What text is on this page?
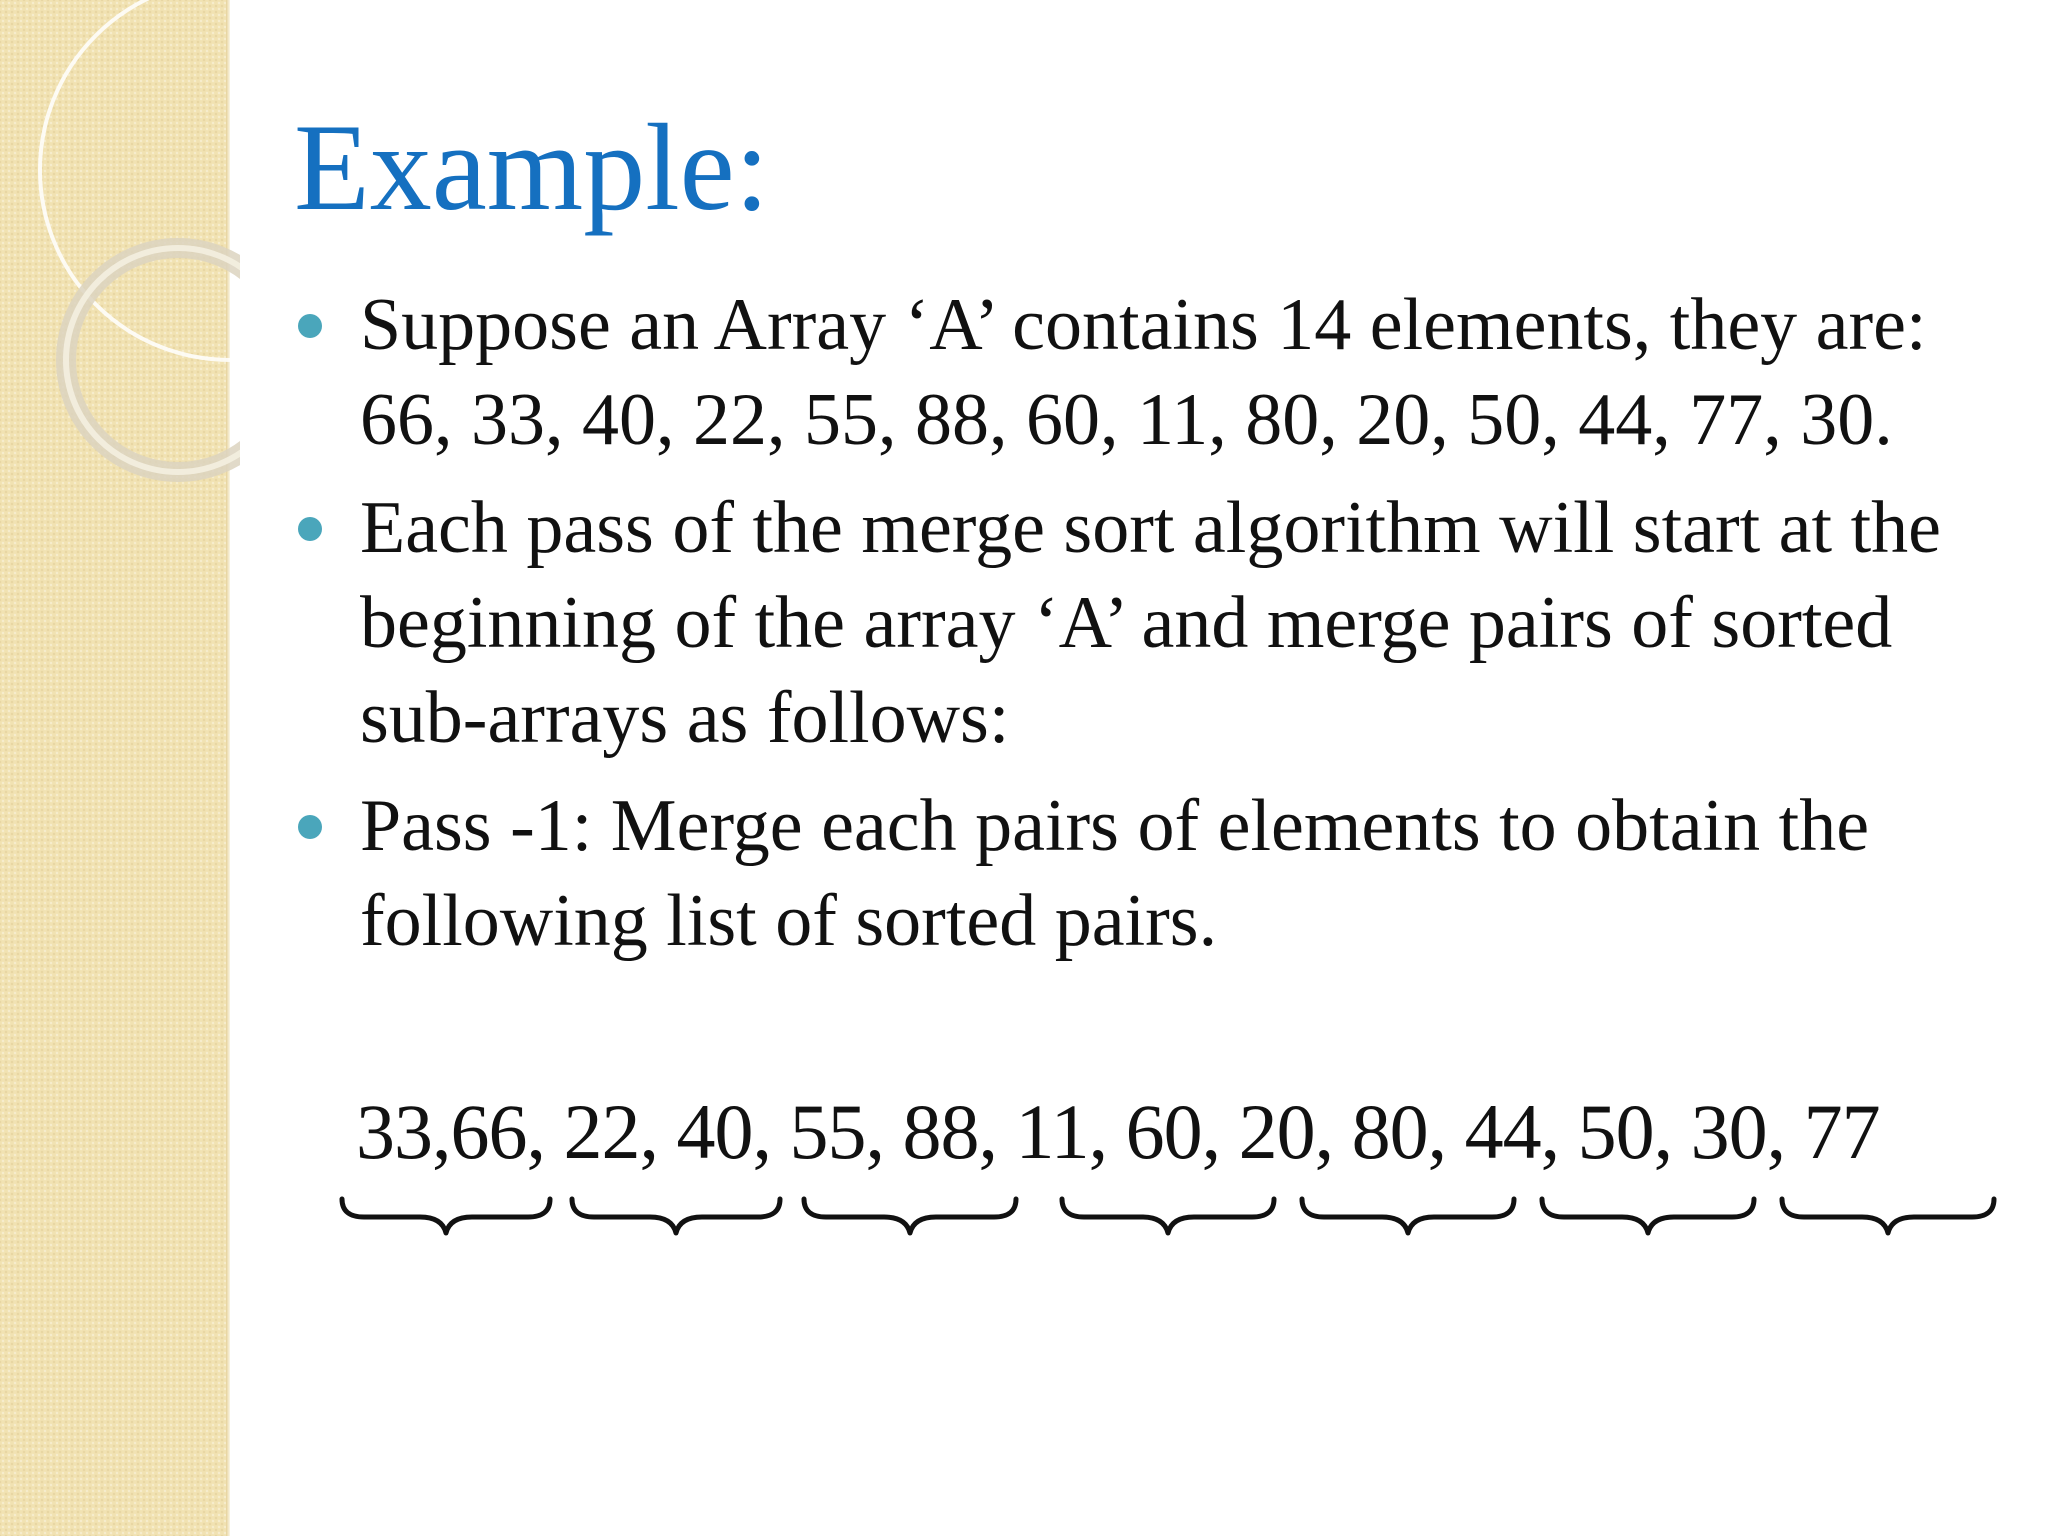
Example:
Suppose an Array ‘A’ contains 14 elements, they are: 66, 33, 40, 22, 55, 88, 60, 11, 80, 20, 50, 44, 77, 30.
Each pass of the merge sort algorithm will start at the beginning of the array ‘A’ and merge pairs of sorted sub-arrays as follows:
Pass -1: Merge each pairs of elements to obtain the following list of sorted pairs.
33,66, 22, 40, 55, 88, 11, 60, 20, 80, 44, 50, 30, 77
